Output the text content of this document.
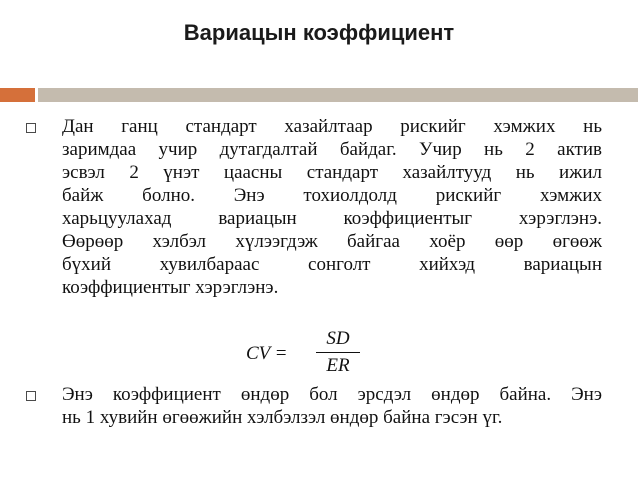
Вариацын коэффициент
Дан ганц стандарт хазайлтаар рискийг хэмжих нь
заримдаа учир дутагдалтай байдаг. Учир нь 2 актив
эсвэл 2 үнэт цаасны стандарт хазайлтууд нь ижил
байж болно. Энэ тохиолдолд рискийг хэмжих
харьцуулахад вариацын коэффициентыг хэрэглэнэ.
Өөрөөр хэлбэл хүлээгдэж байгаа хоёр өөр өгөөж
бүхий хувилбараас сонголт хийхэд вариацын
коэффициентыг хэрэглэнэ.
CV =
SD
ER
Энэ коэффициент өндөр бол эрсдэл өндөр байна. Энэ
нь 1 хувийн өгөөжийн хэлбэлзэл өндөр байна гэсэн үг.
